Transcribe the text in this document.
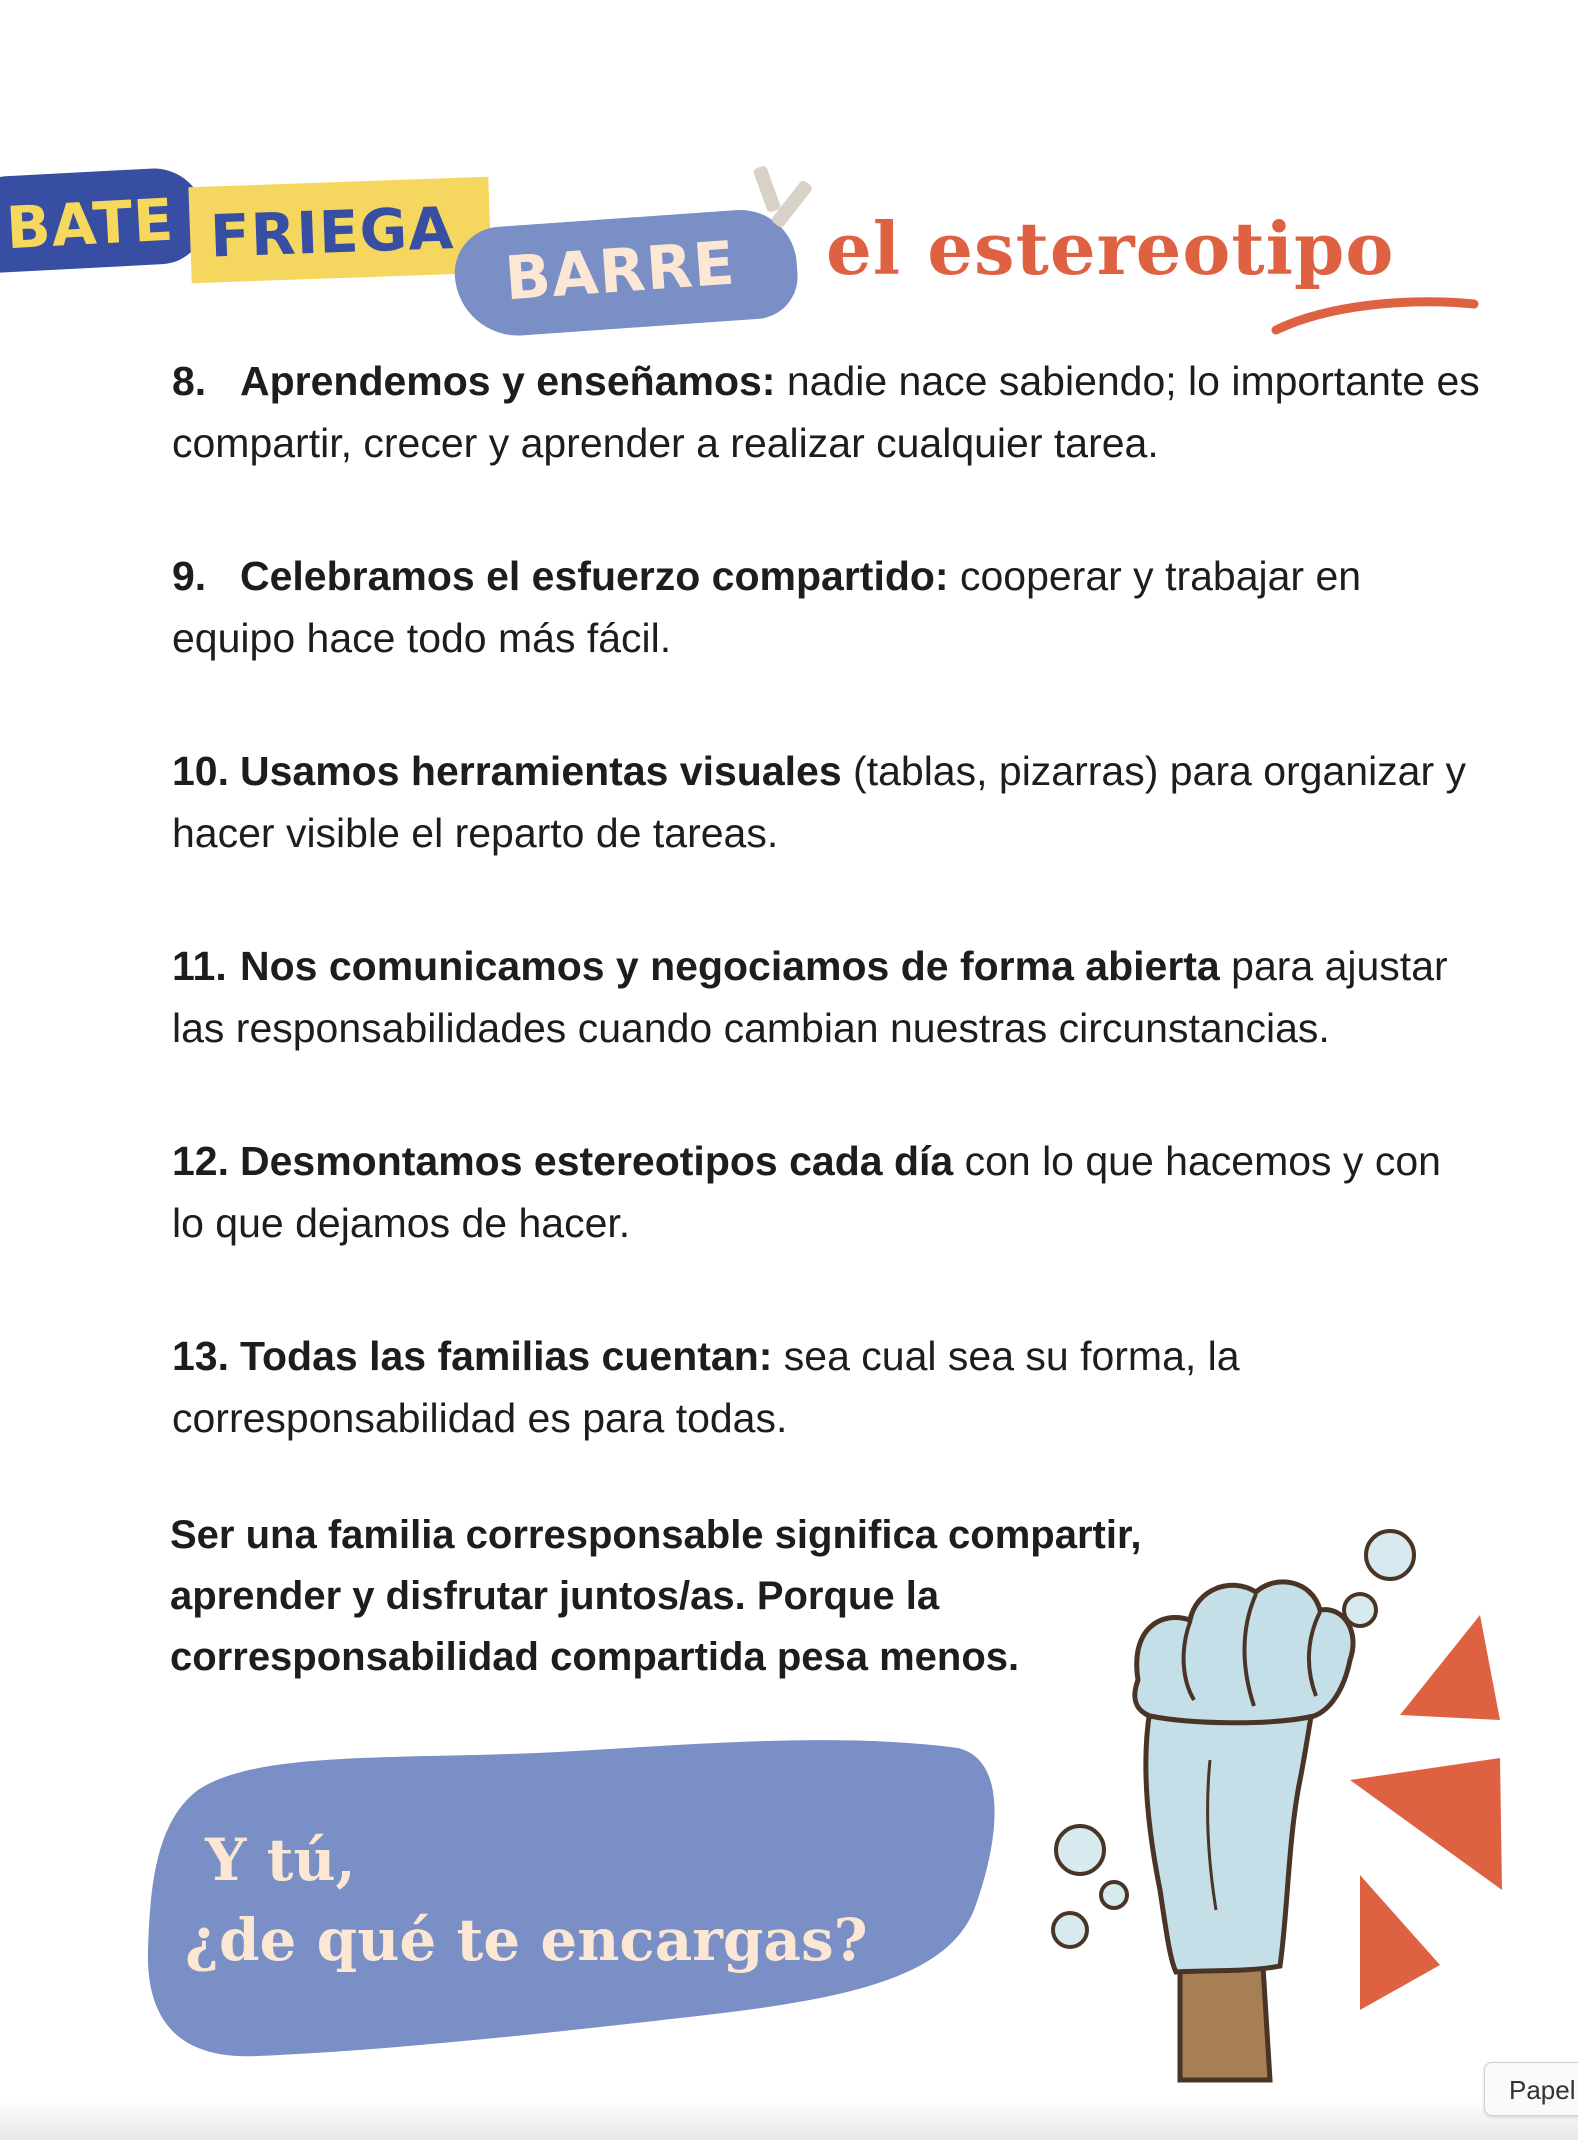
BATE FRIEGA BARRE el estereotipo
8. Aprendemos y enseñamos: nadie nace sabiendo; lo importante es compartir, crecer y aprender a realizar cualquier tarea.
9. Celebramos el esfuerzo compartido: cooperar y trabajar en equipo hace todo más fácil.
10. Usamos herramientas visuales (tablas, pizarras) para organizar y hacer visible el reparto de tareas.
11. Nos comunicamos y negociamos de forma abierta para ajustar las responsabilidades cuando cambian nuestras circunstancias.
12. Desmontamos estereotipos cada día con lo que hacemos y con lo que dejamos de hacer.
13. Todas las familias cuentan: sea cual sea su forma, la corresponsabilidad es para todas.
Ser una familia corresponsable significa compartir, aprender y disfrutar juntos/as. Porque la corresponsabilidad compartida pesa menos.
Y tú,
¿de qué te encargas?
Papel
